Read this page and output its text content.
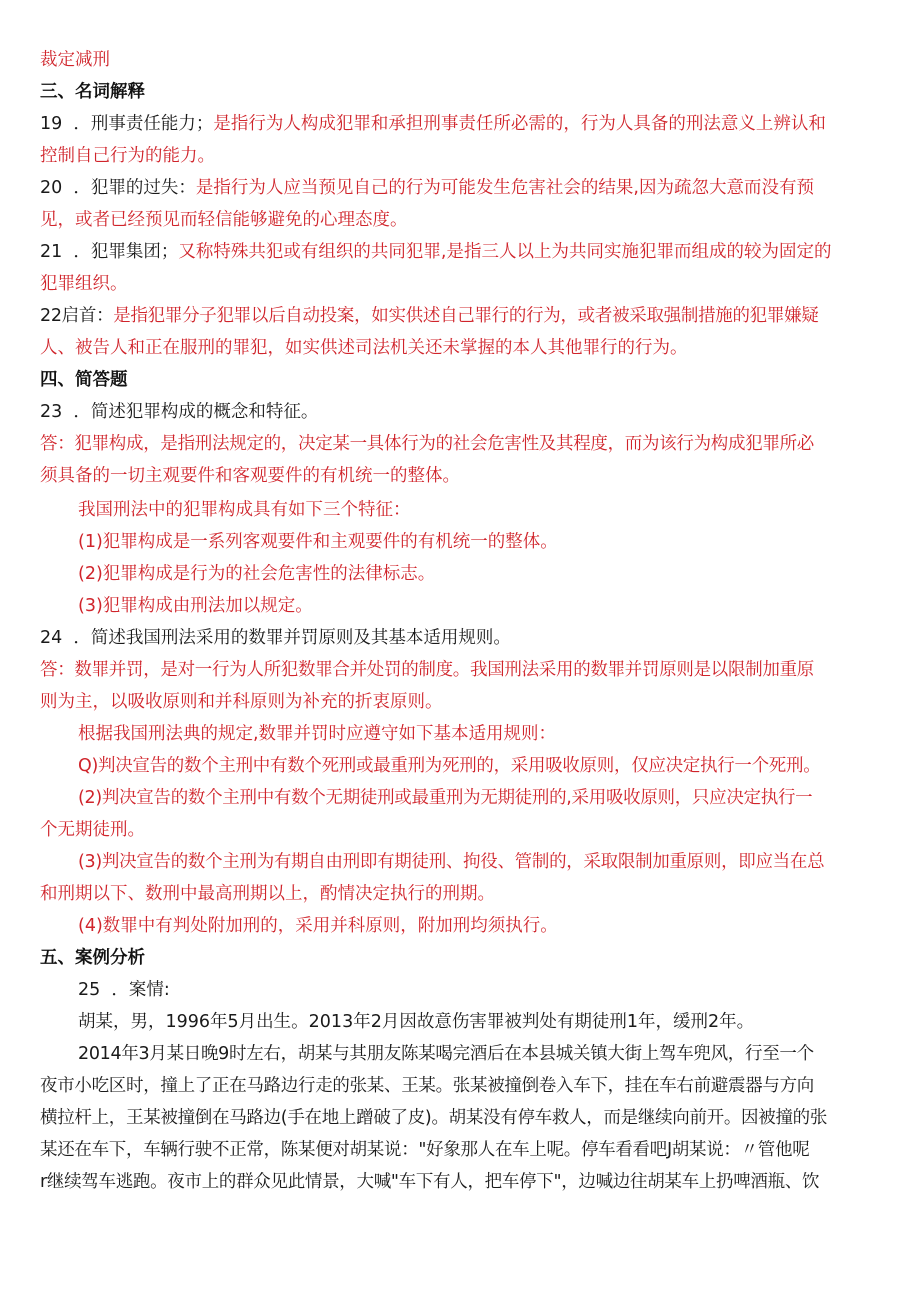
裁定减刑
三、名词解释
19 ．刑事责任能力；是指行为人构成犯罪和承担刑事责任所必需的，行为人具备的刑法意义上辨认和
控制自己行为的能力。
20 ．犯罪的过失：是指行为人应当预见自己的行为可能发生危害社会的结果,因为疏忽大意而没有预
见，或者已经预见而轻信能够避免的心理态度。
21 ．犯罪集团；又称特殊共犯或有组织的共同犯罪,是指三人以上为共同实施犯罪而组成的较为固定的
犯罪组织。
22启首：是指犯罪分子犯罪以后自动投案，如实供述自己罪行的行为，或者被采取强制措施的犯罪嫌疑
人、被告人和正在服刑的罪犯，如实供述司法机关还未掌握的本人其他罪行的行为。
四、简答题
23 ．简述犯罪构成的概念和特征。
答：犯罪构成，是指刑法规定的，决定某一具体行为的社会危害性及其程度，而为该行为构成犯罪所必
须具备的一切主观要件和客观要件的有机统一的整体。
我国刑法中的犯罪构成具有如下三个特征：
(1)犯罪构成是一系列客观要件和主观要件的有机统一的整体。
(2)犯罪构成是行为的社会危害性的法律标志。
(3)犯罪构成由刑法加以规定。
24 ．简述我国刑法采用的数罪并罚原则及其基本适用规则。
答：数罪并罚，是对一行为人所犯数罪合并处罚的制度。我国刑法采用的数罪并罚原则是以限制加重原
则为主，以吸收原则和并科原则为补充的折衷原则。
根据我国刑法典的规定,数罪并罚时应遵守如下基本适用规则：
Q)判决宣告的数个主刑中有数个死刑或最重刑为死刑的，采用吸收原则，仅应决定执行一个死刑。
(2)判决宣告的数个主刑中有数个无期徒刑或最重刑为无期徒刑的,采用吸收原则，只应决定执行一
个无期徒刑。
(3)判决宣告的数个主刑为有期自由刑即有期徒刑、拘役、管制的，采取限制加重原则，即应当在总
和刑期以下、数刑中最高刑期以上，酌情决定执行的刑期。
(4)数罪中有判处附加刑的，采用并科原则，附加刑均须执行。
五、案例分析
25 ．案情:
胡某，男，1996年5月出生。2013年2月因故意伤害罪被判处有期徒刑1年，缓刑2年。
2014年3月某日晚9时左右，胡某与其朋友陈某喝完酒后在本县城关镇大街上驾车兜风，行至一个
夜市小吃区时，撞上了正在马路边行走的张某、王某。张某被撞倒卷入车下，挂在车右前避震器与方向
横拉杆上，王某被撞倒在马路边(手在地上蹭破了皮)。胡某没有停车救人，而是继续向前开。因被撞的张
某还在车下，车辆行驶不正常，陈某便对胡某说："好象那人在车上呢。停车看看吧J胡某说：〃管他呢
r继续驾车逃跑。夜市上的群众见此情景，大喊"车下有人，把车停下"，边喊边往胡某车上扔啤酒瓶、饮
